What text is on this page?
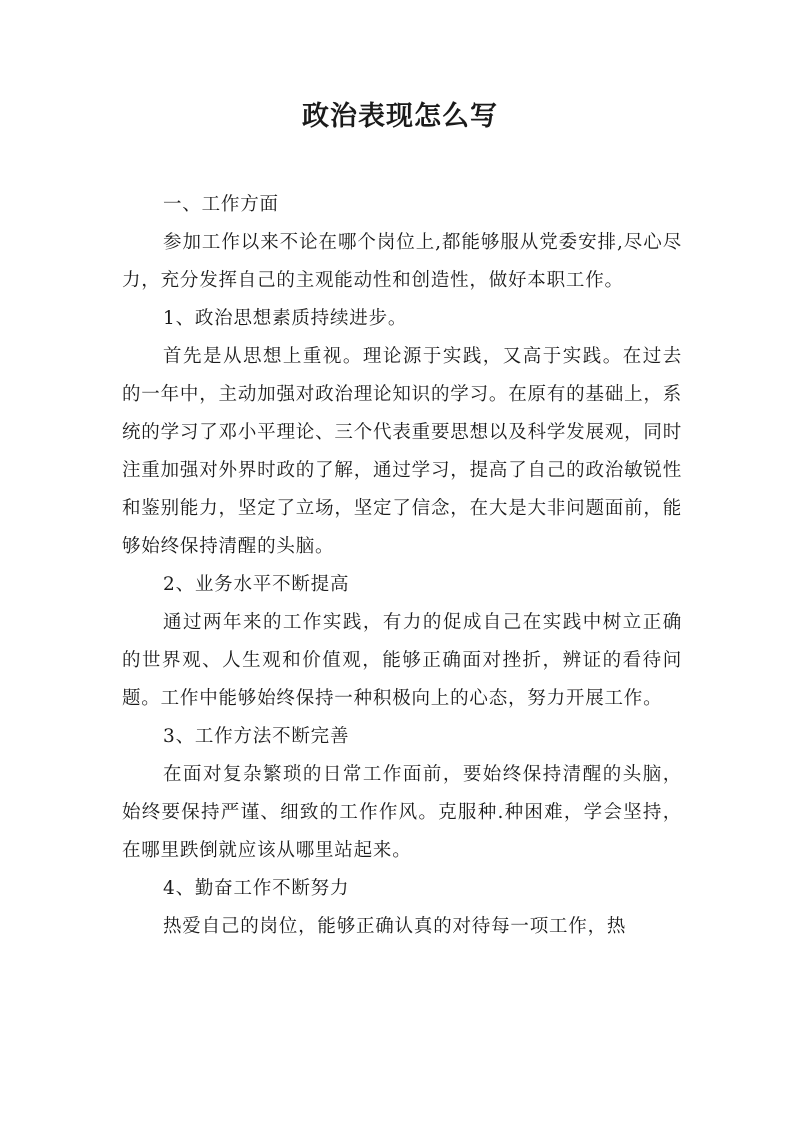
政治表现怎么写

一、工作方面

参加工作以来不论在哪个岗位上,都能够服从党委安排,尽心尽力，充分发挥自己的主观能动性和创造性，做好本职工作。

1、政治思想素质持续进步。

首先是从思想上重视。理论源于实践，又高于实践。在过去的一年中，主动加强对政治理论知识的学习。在原有的基础上，系统的学习了邓小平理论、三个代表重要思想以及科学发展观，同时注重加强对外界时政的了解，通过学习，提高了自己的政治敏锐性和鉴别能力，坚定了立场，坚定了信念，在大是大非问题面前，能够始终保持清醒的头脑。

2、业务水平不断提高

通过两年来的工作实践，有力的促成自己在实践中树立正确的世界观、人生观和价值观，能够正确面对挫折，辨证的看待问题。工作中能够始终保持一种积极向上的心态，努力开展工作。

3、工作方法不断完善

在面对复杂繁琐的日常工作面前，要始终保持清醒的头脑，始终要保持严谨、细致的工作作风。克服种.种困难，学会坚持，在哪里跌倒就应该从哪里站起来。

4、勤奋工作不断努力

热爱自己的岗位，能够正确认真的对待每一项工作，热
